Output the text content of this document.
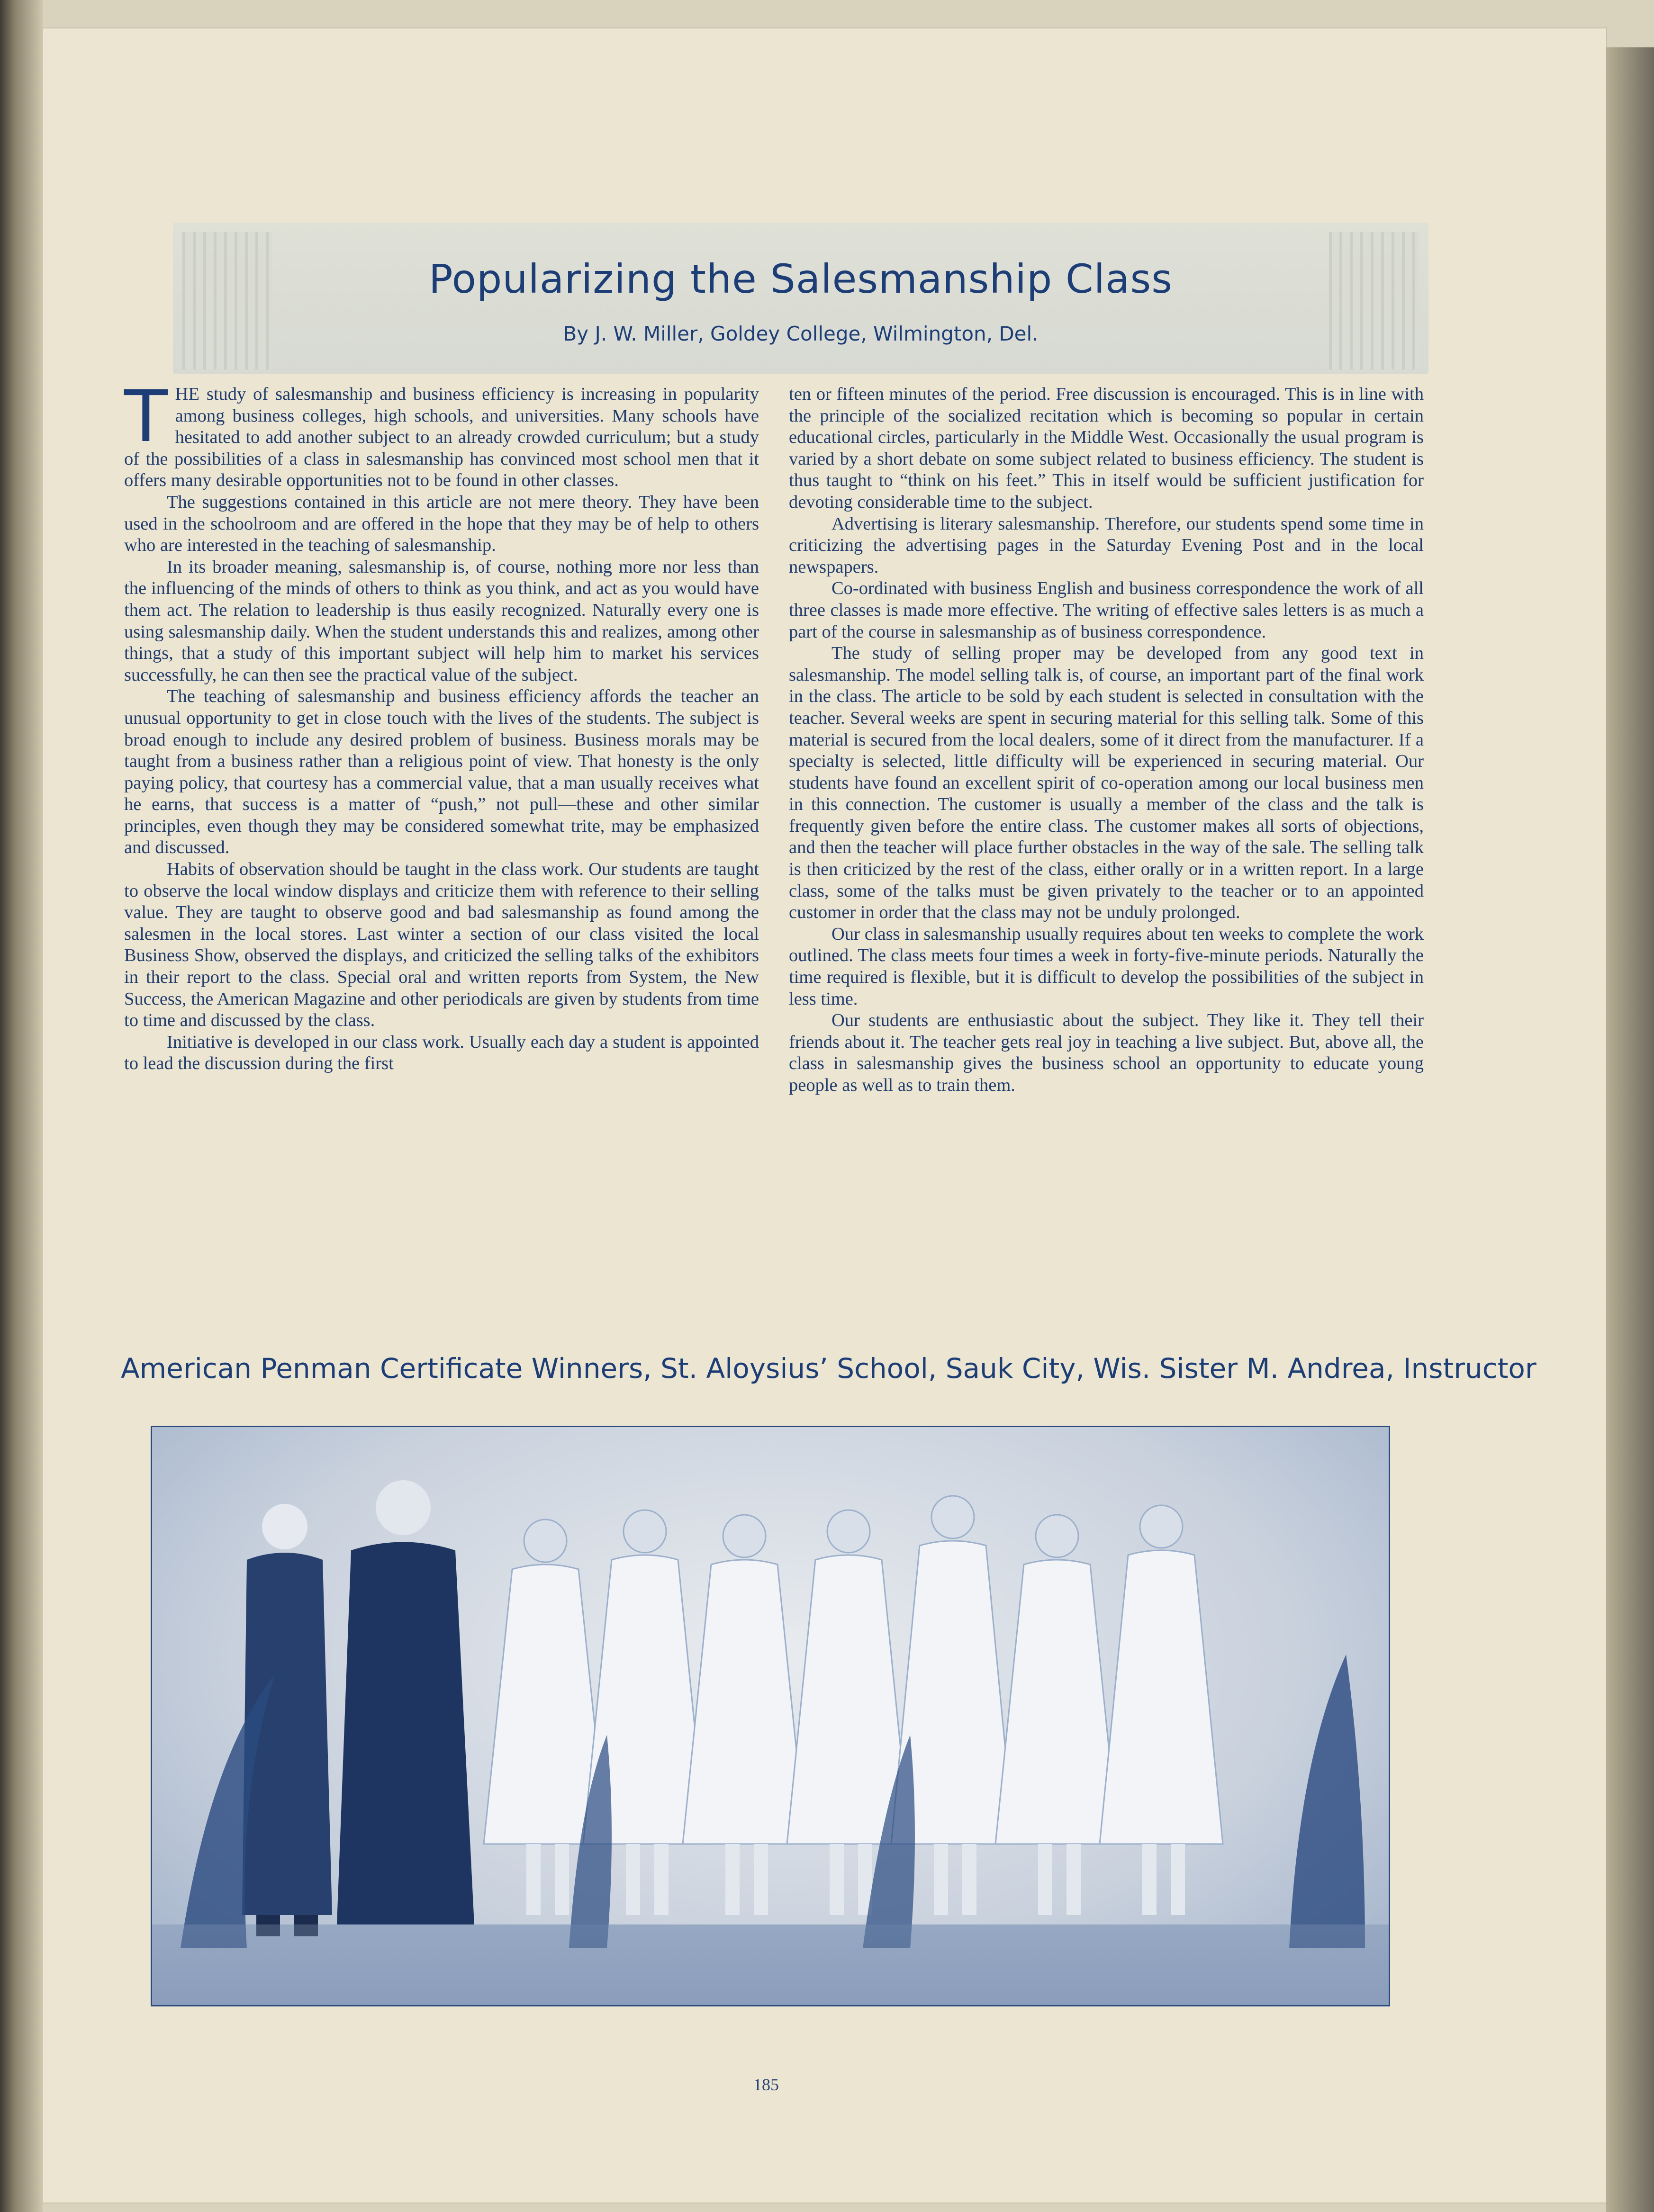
Popularizing the Salesmanship Class
By J. W. Miller, Goldey College, Wilmington, Del.

THE study of salesmanship and business efficiency is increasing in popularity among business colleges, high schools, and universities. Many schools have hesitated to add another subject to an already crowded curriculum; but a study of the possibilities of a class in salesmanship has convinced most school men that it offers many desirable opportunities not to be found in other classes.

The suggestions contained in this article are not mere theory. They have been used in the schoolroom and are offered in the hope that they may be of help to others who are interested in the teaching of salesmanship.

In its broader meaning, salesmanship is, of course, nothing more nor less than the influencing of the minds of others to think as you think, and act as you would have them act. The relation to leadership is thus easily recognized. Naturally every one is using salesmanship daily. When the student understands this and realizes, among other things, that a study of this important subject will help him to market his services successfully, he can then see the practical value of the subject.

The teaching of salesmanship and business efficiency affords the teacher an unusual opportunity to get in close touch with the lives of the students. The subject is broad enough to include any desired problem of business. Business morals may be taught from a business rather than a religious point of view. That honesty is the only paying policy, that courtesy has a commercial value, that a man usually receives what he earns, that success is a matter of “push,” not pull—these and other similar principles, even though they may be considered somewhat trite, may be emphasized and discussed.

Habits of observation should be taught in the class work. Our students are taught to observe the local window displays and criticize them with reference to their selling value. They are taught to observe good and bad salesmanship as found among the salesmen in the local stores. Last winter a section of our class visited the local Business Show, observed the displays, and criticized the selling talks of the exhibitors in their report to the class. Special oral and written reports from System, the New Success, the American Magazine and other periodicals are given by students from time to time and discussed by the class.

Initiative is developed in our class work. Usually each day a student is appointed to lead the discussion during the first

ten or fifteen minutes of the period. Free discussion is encouraged. This is in line with the principle of the socialized recitation which is becoming so popular in certain educational circles, particularly in the Middle West. Occasionally the usual program is varied by a short debate on some subject related to business efficiency. The student is thus taught to “think on his feet.” This in itself would be sufficient justification for devoting considerable time to the subject.

Advertising is literary salesmanship. Therefore, our students spend some time in criticizing the advertising pages in the Saturday Evening Post and in the local newspapers.

Co-ordinated with business English and business correspondence the work of all three classes is made more effective. The writing of effective sales letters is as much a part of the course in salesmanship as of business correspondence.

The study of selling proper may be developed from any good text in salesmanship. The model selling talk is, of course, an important part of the final work in the class. The article to be sold by each student is selected in consultation with the teacher. Several weeks are spent in securing material for this selling talk. Some of this material is secured from the local dealers, some of it direct from the manufacturer. If a specialty is selected, little difficulty will be experienced in securing material. Our students have found an excellent spirit of co-operation among our local business men in this connection. The customer is usually a member of the class and the talk is frequently given before the entire class. The customer makes all sorts of objections, and then the teacher will place further obstacles in the way of the sale. The selling talk is then criticized by the rest of the class, either orally or in a written report. In a large class, some of the talks must be given privately to the teacher or to an appointed customer in order that the class may not be unduly prolonged.

Our class in salesmanship usually requires about ten weeks to complete the work outlined. The class meets four times a week in forty-five-minute periods. Naturally the time required is flexible, but it is difficult to develop the possibilities of the subject in less time.

Our students are enthusiastic about the subject. They like it. They tell their friends about it. The teacher gets real joy in teaching a live subject. But, above all, the class in salesmanship gives the business school an opportunity to educate young people as well as to train them.

American Penman Certificate Winners, St. Aloysius’ School, Sauk City, Wis. Sister M. Andrea, Instructor
185
